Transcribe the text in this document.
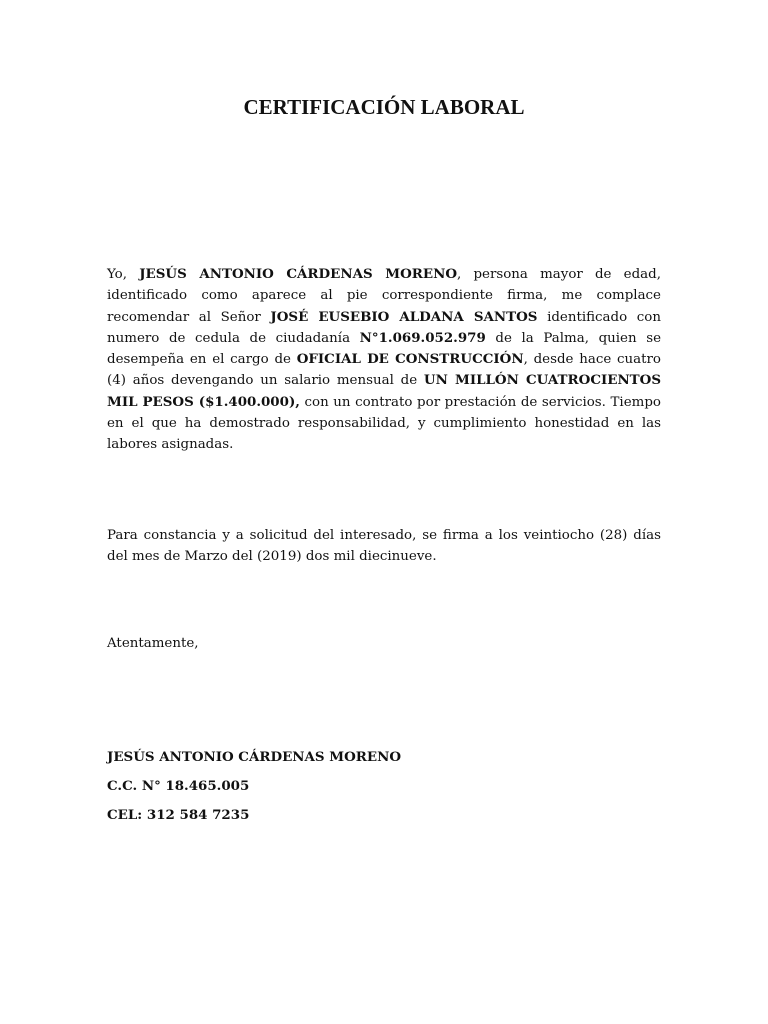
CERTIFICACIÓN LABORAL

Yo, JESÚS ANTONIO CÁRDENAS MORENO, persona mayor de edad, identificado como aparece al pie correspondiente firma, me complace recomendar al Señor JOSÉ EUSEBIO ALDANA SANTOS identificado con numero de cedula de ciudadanía N°1.069.052.979 de la Palma, quien se desempeña en el cargo de OFICIAL DE CONSTRUCCIÓN, desde hace cuatro (4) años devengando un salario mensual de UN MILLÓN CUATROCIENTOS MIL PESOS ($1.400.000), con un contrato por prestación de servicios. Tiempo en el que ha demostrado responsabilidad, y cumplimiento honestidad en las labores asignadas.

Para constancia y a solicitud del interesado, se firma a los veintiocho (28) días del mes de Marzo del (2019) dos mil diecinueve.

Atentamente,
JESÚS ANTONIO CÁRDENAS MORENO
C.C. N° 18.465.005
CEL: 312 584 7235
